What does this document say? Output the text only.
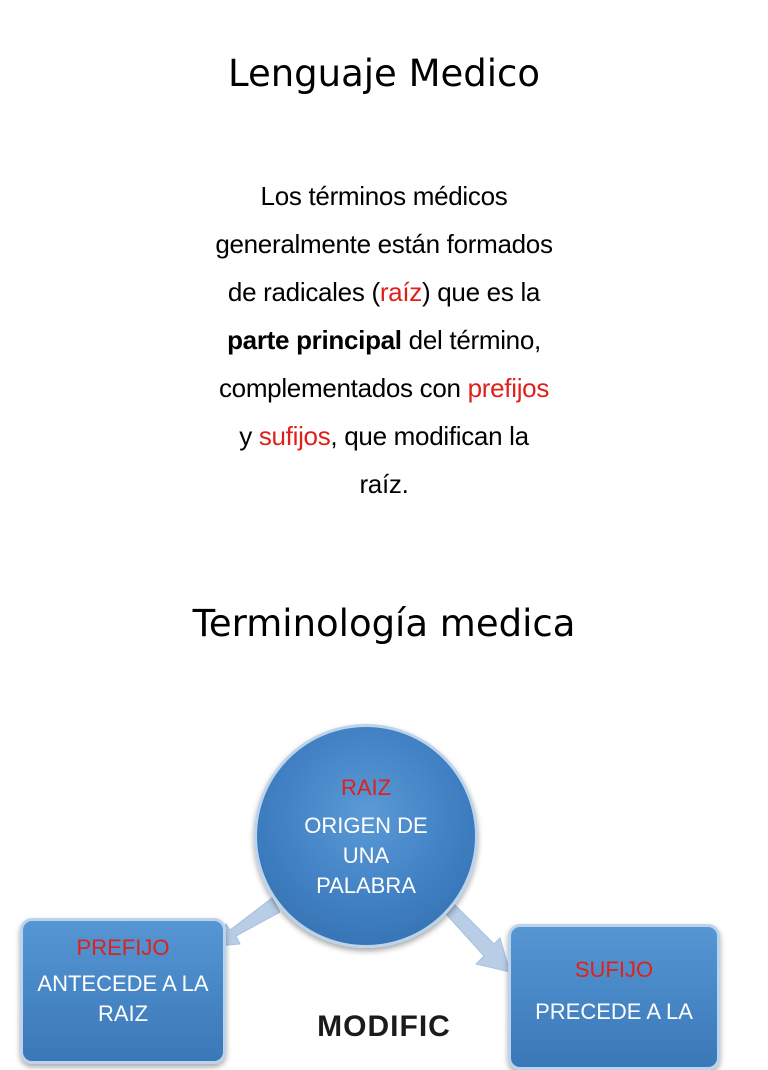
Lenguaje Medico
Los términos médicos
generalmente están formados
de radicales (raíz) que es la
parte principal del término,
complementados con prefijos
y sufijos, que modifican la
raíz.
Terminología medica
RAIZ
ORIGEN DE
UNA
PALABRA
PREFIJO
ANTECEDE A LA
RAIZ
SUFIJO
PRECEDE A LA
MODIFIC
